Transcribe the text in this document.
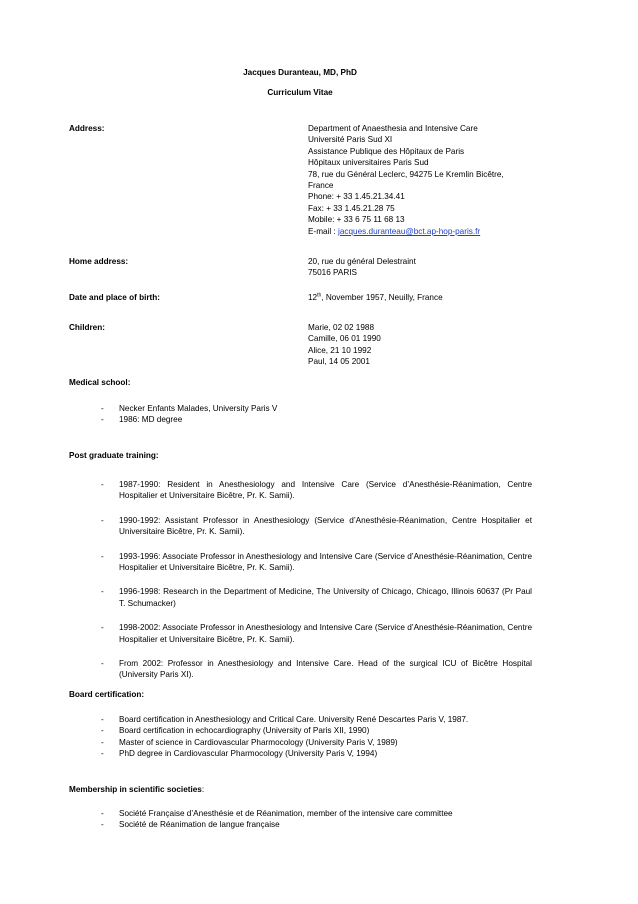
Jacques Duranteau, MD, PhD
Curriculum Vitae
Address:	Department of Anaesthesia and Intensive Care
Université Paris Sud XI
Assistance Publique des Hôpitaux de Paris
Hôpitaux universitaires Paris Sud
78, rue du Général Leclerc, 94275 Le Kremlin Bicêtre,
France
Phone: + 33 1.45.21.34.41
Fax: + 33 1.45.21.28 75
Mobile: + 33 6 75 11 68 13
E-mail : jacques.duranteau@bct.ap-hop-paris.fr
Home address:	20, rue du général Delestraint
75016 PARIS
Date and place of birth:	12th, November 1957, Neuilly, France
Children:	Marie, 02 02 1988
Camille, 06 01 1990
Alice, 21 10 1992
Paul, 14 05 2001
Medical school:
- Necker Enfants Malades, University Paris V
- 1986: MD degree
Post graduate training:
- 1987-1990: Resident in Anesthesiology and Intensive Care (Service d’Anesthésie-Réanimation, Centre Hospitalier et Universitaire Bicêtre, Pr. K. Samii).
- 1990-1992: Assistant Professor in Anesthesiology (Service d’Anesthésie-Réanimation, Centre Hospitalier et Universitaire Bicêtre, Pr. K. Samii).
- 1993-1996: Associate Professor in Anesthesiology and Intensive Care (Service d’Anesthésie-Réanimation, Centre Hospitalier et Universitaire Bicêtre, Pr. K. Samii).
- 1996-1998: Research in the Department of Medicine, The University of Chicago, Chicago, Illinois 60637 (Pr Paul T. Schumacker)
- 1998-2002: Associate Professor in Anesthesiology and Intensive Care (Service d’Anesthésie-Réanimation, Centre Hospitalier et Universitaire Bicêtre, Pr. K. Samii).
- From 2002: Professor in Anesthesiology and Intensive Care. Head of the surgical ICU of Bicêtre Hospital (University Paris XI).
Board certification:
- Board certification in Anesthesiology and Critical Care. University René Descartes Paris V, 1987.
- Board certification in echocardiography (University of Paris XII, 1990)
- Master of science in Cardiovascular Pharmocology (University Paris V, 1989)
- PhD degree in Cardiovascular Pharmocology (University Paris V, 1994)
Membership in scientific societies:
- Société Française d’Anesthésie et de Réanimation, member of the intensive care committee
- Société de Réanimation de langue française
